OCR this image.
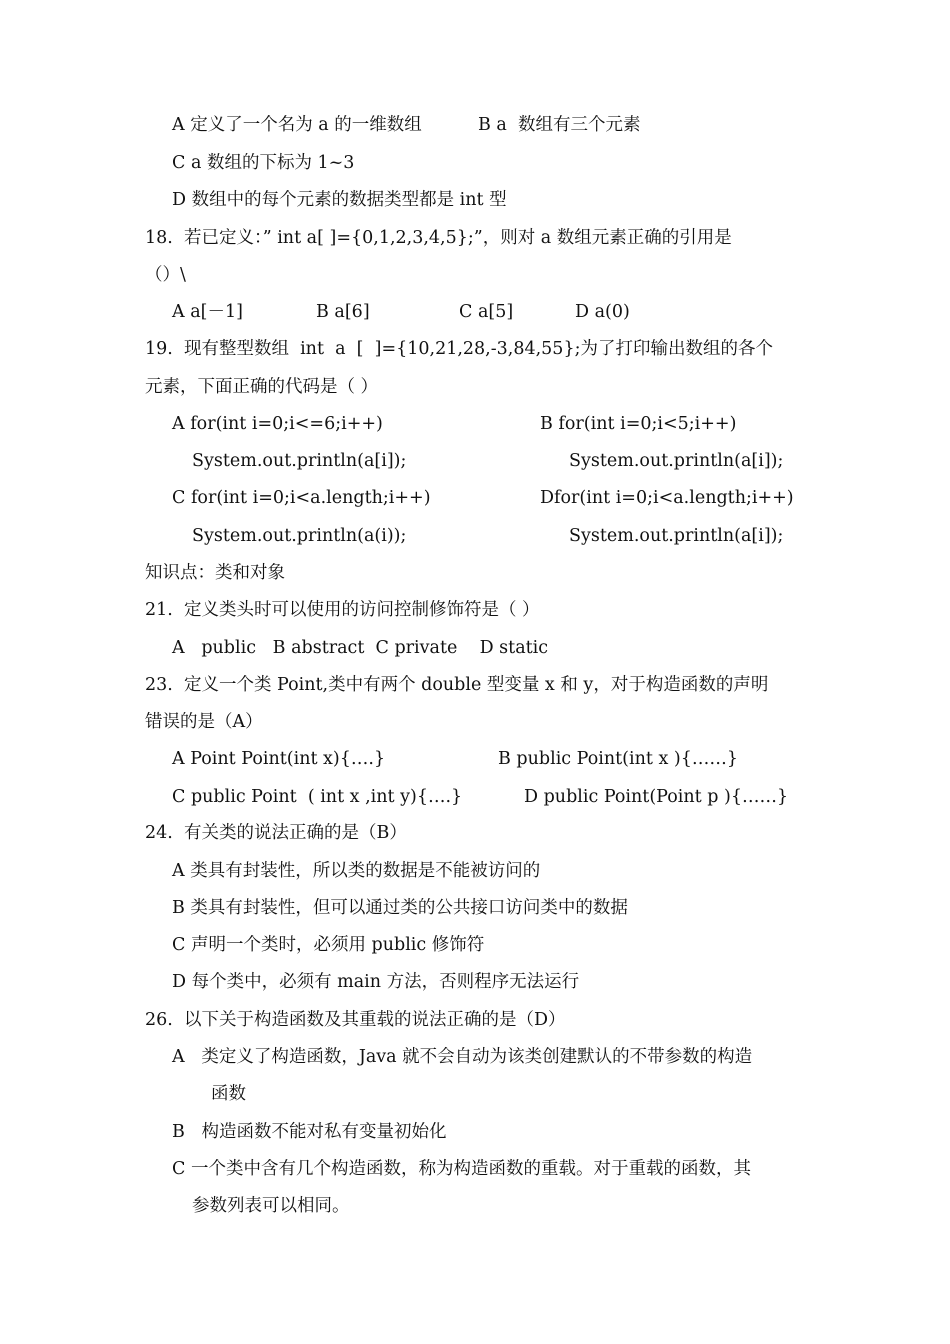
A 定义了一个名为 a 的一维数组	B a  数组有三个元素
C a 数组的下标为 1~3
D 数组中的每个元素的数据类型都是 int 型
18.  若已定义：” int a[ ]={0,1,2,3,4,5};”，则对 a 数组元素正确的引用是
（）\
A a[－1]	B a[6]	C a[5]	D a(0)
19.  现有整型数组  int  a  [  ]={10,21,28,-3,84,55};为了打印输出数组的各个
元素，下面正确的代码是（ ）
A for(int i=0;i<=6;i++)	B for(int i=0;i<5;i++)
System.out.println(a[i]);	System.out.println(a[i]);
C for(int i=0;i<a.length;i++)	Dfor(int i=0;i<a.length;i++)
System.out.println(a(i));	System.out.println(a[i]);
知识点：类和对象
21.  定义类头时可以使用的访问控制修饰符是（ ）
A   public   B abstract  C private    D static
23.  定义一个类 Point,类中有两个 double 型变量 x 和 y，对于构造函数的声明
错误的是（A）
A Point Point(int x){….}	B public Point(int x ){……}
C public Point  ( int x ,int y){….}	D public Point(Point p ){……}
24.  有关类的说法正确的是（B）
A 类具有封装性，所以类的数据是不能被访问的
B 类具有封装性，但可以通过类的公共接口访问类中的数据
C 声明一个类时，必须用 public 修饰符
D 每个类中，必须有 main 方法，否则程序无法运行
26.  以下关于构造函数及其重载的说法正确的是（D）
A   类定义了构造函数，Java 就不会自动为该类创建默认的不带参数的构造
函数
B   构造函数不能对私有变量初始化
C 一个类中含有几个构造函数，称为构造函数的重载。对于重载的函数，其
参数列表可以相同。
